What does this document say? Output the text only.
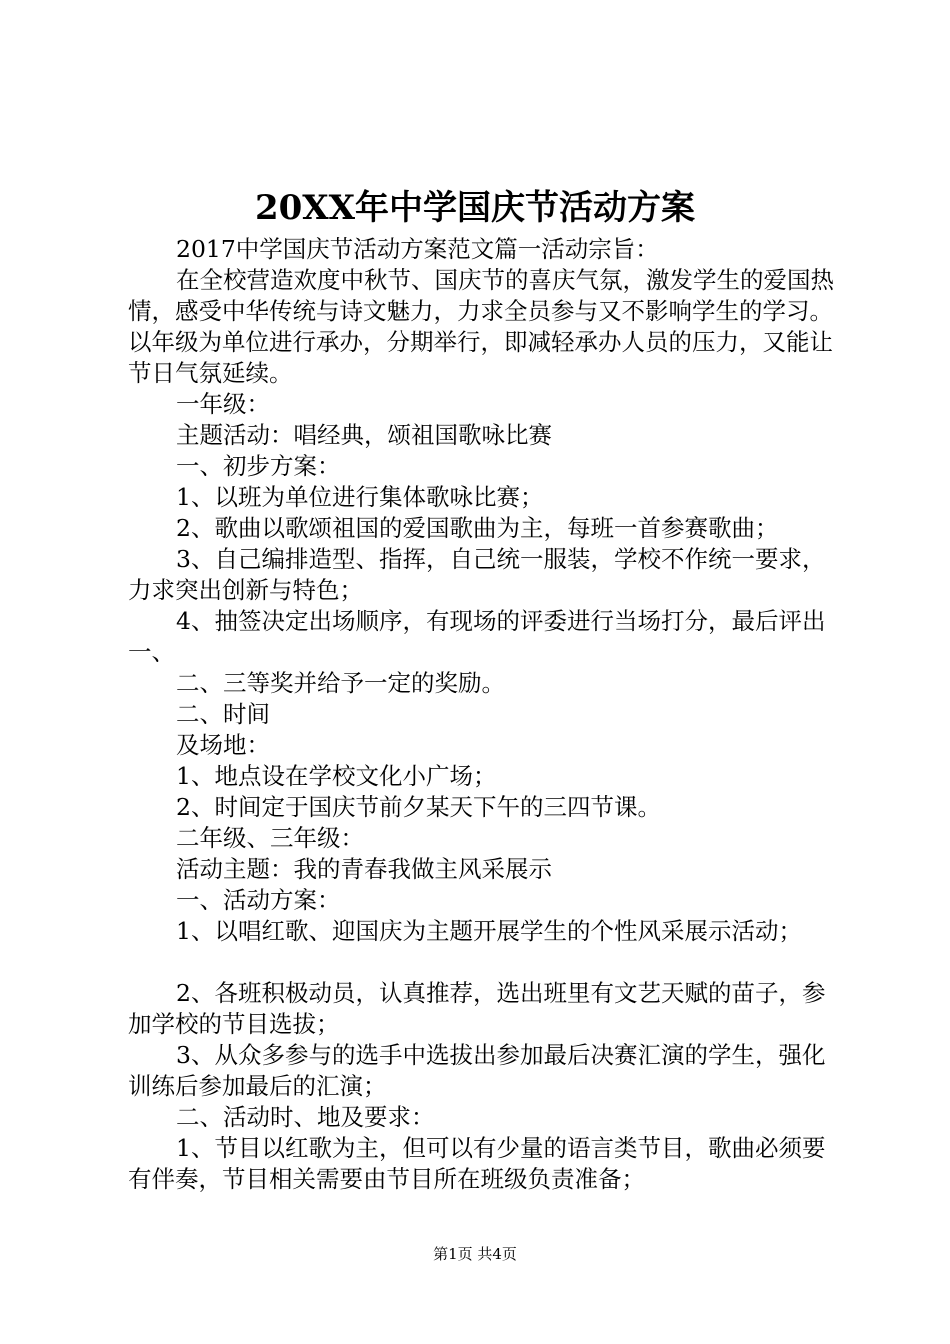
20XX年中学国庆节活动方案

2017中学国庆节活动方案范文篇一活动宗旨：

在全校营造欢度中秋节、国庆节的喜庆气氛，激发学生的爱国热情，感受中华传统与诗文魅力，力求全员参与又不影响学生的学习。以年级为单位进行承办，分期举行，即减轻承办人员的压力，又能让节日气氛延续。

一年级：

主题活动：唱经典，颂祖国歌咏比赛

一、初步方案：

1、以班为单位进行集体歌咏比赛；

2、歌曲以歌颂祖国的爱国歌曲为主，每班一首参赛歌曲；

3、自己编排造型、指挥，自己统一服装，学校不作统一要求，力求突出创新与特色；

4、抽签决定出场顺序，有现场的评委进行当场打分，最后评出一、

二、三等奖并给予一定的奖励。

二、时间

及场地：

1、地点设在学校文化小广场；

2、时间定于国庆节前夕某天下午的三四节课。

二年级、三年级：

活动主题：我的青春我做主风采展示

一、活动方案：

1、以唱红歌、迎国庆为主题开展学生的个性风采展示活动；

2、各班积极动员，认真推荐，选出班里有文艺天赋的苗子，参加学校的节目选拔；

3、从众多参与的选手中选拔出参加最后决赛汇演的学生，强化训练后参加最后的汇演；

二、活动时、地及要求：

1、节目以红歌为主，但可以有少量的语言类节目，歌曲必须要有伴奏，节目相关需要由节目所在班级负责准备；

第1页 共4页
